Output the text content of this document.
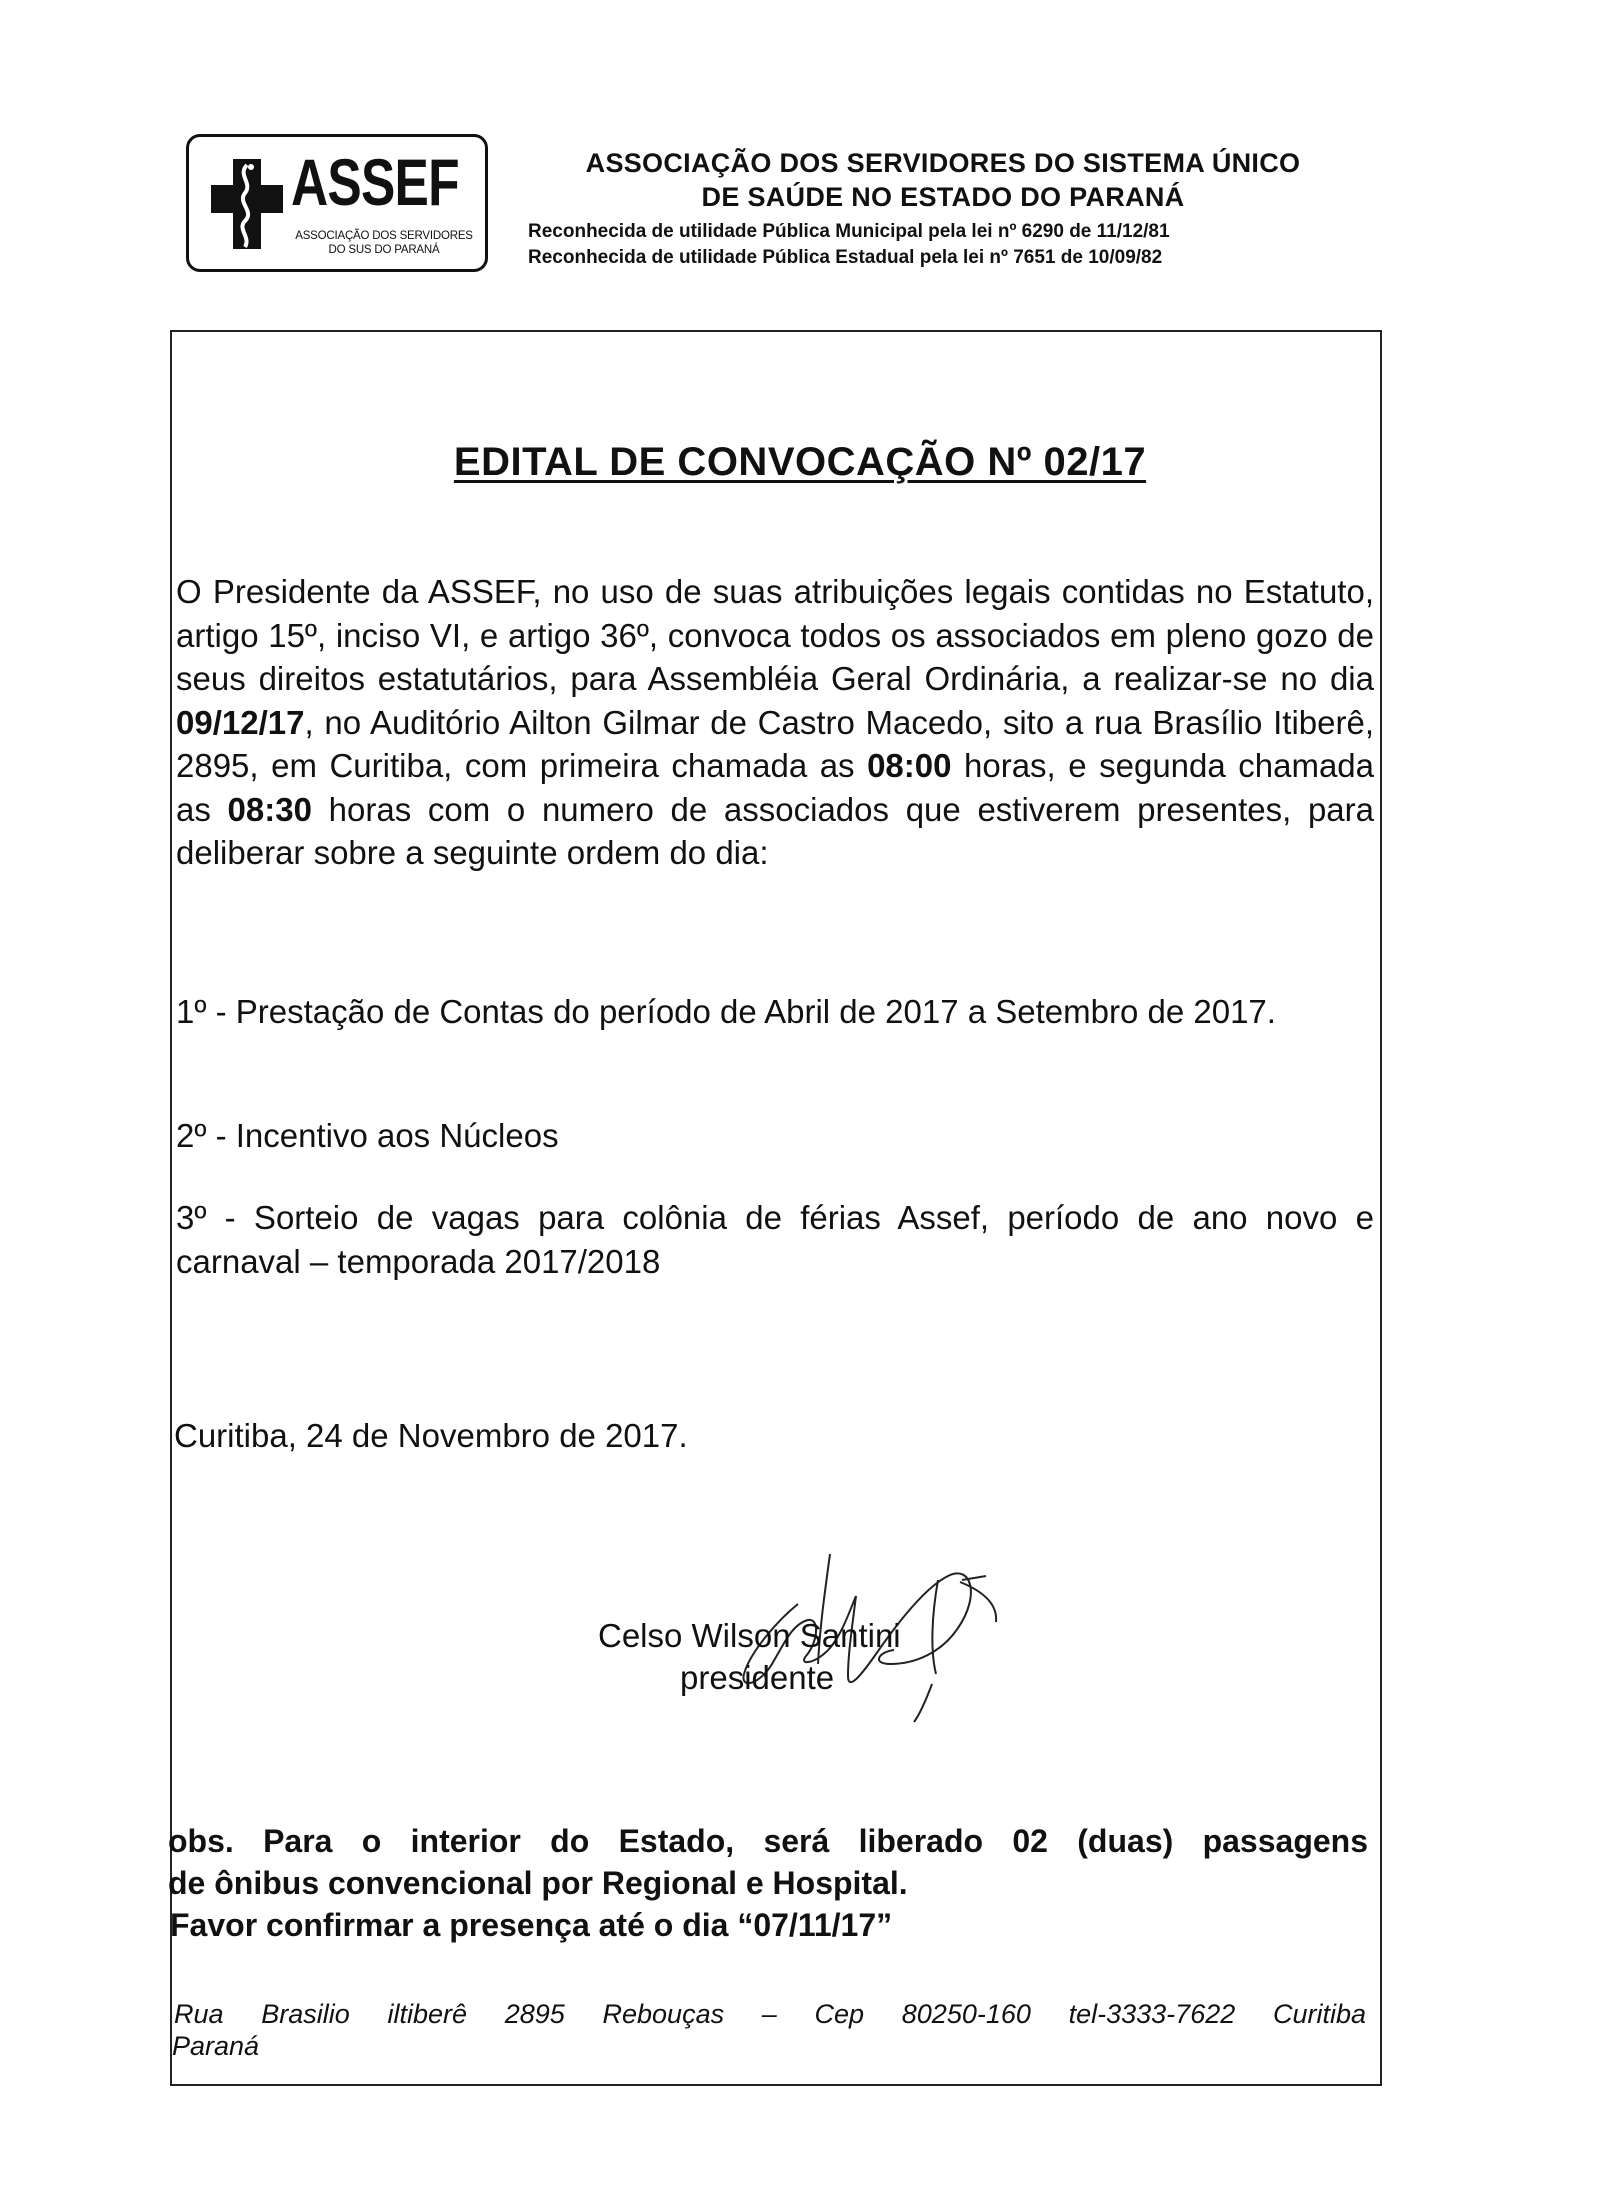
ASSEF
ASSOCIAÇÃO DOS SERVIDORES
DO SUS DO PARANÁ
ASSOCIAÇÃO DOS SERVIDORES DO SISTEMA ÚNICO
DE SAÚDE NO ESTADO DO PARANÁ
Reconhecida de utilidade Pública Municipal pela lei nº 6290 de 11/12/81
Reconhecida de utilidade Pública Estadual pela lei nº 7651 de 10/09/82
EDITAL DE CONVOCAÇÃO Nº 02/17
O Presidente da ASSEF, no uso de suas atribuições legais contidas no Estatuto, artigo 15º, inciso VI, e artigo 36º, convoca todos os associados em pleno gozo de seus direitos estatutários, para Assembléia Geral Ordinária, a realizar-se no dia 09/12/17, no Auditório Ailton Gilmar de Castro Macedo, sito a rua Brasílio Itiberê, 2895, em Curitiba, com primeira chamada as 08:00 horas, e segunda chamada as 08:30 horas com o numero de associados que estiverem presentes, para deliberar sobre a seguinte ordem do dia:
1º - Prestação de Contas do período de Abril de 2017 a Setembro de 2017.
2º - Incentivo aos Núcleos
3º - Sorteio de vagas para colônia de férias Assef, período de ano novo e carnaval – temporada 2017/2018
Curitiba, 24 de Novembro de 2017.
Celso Wilson Santini
presidente
obs. Para o interior do Estado, será liberado 02 (duas) passagens
de ônibus convencional por Regional e Hospital.
Favor confirmar a presença até o dia “07/11/17”
Rua Brasilio iltiberê 2895 Rebouças – Cep 80250-160 tel-3333-7622 Curitiba
Paraná
